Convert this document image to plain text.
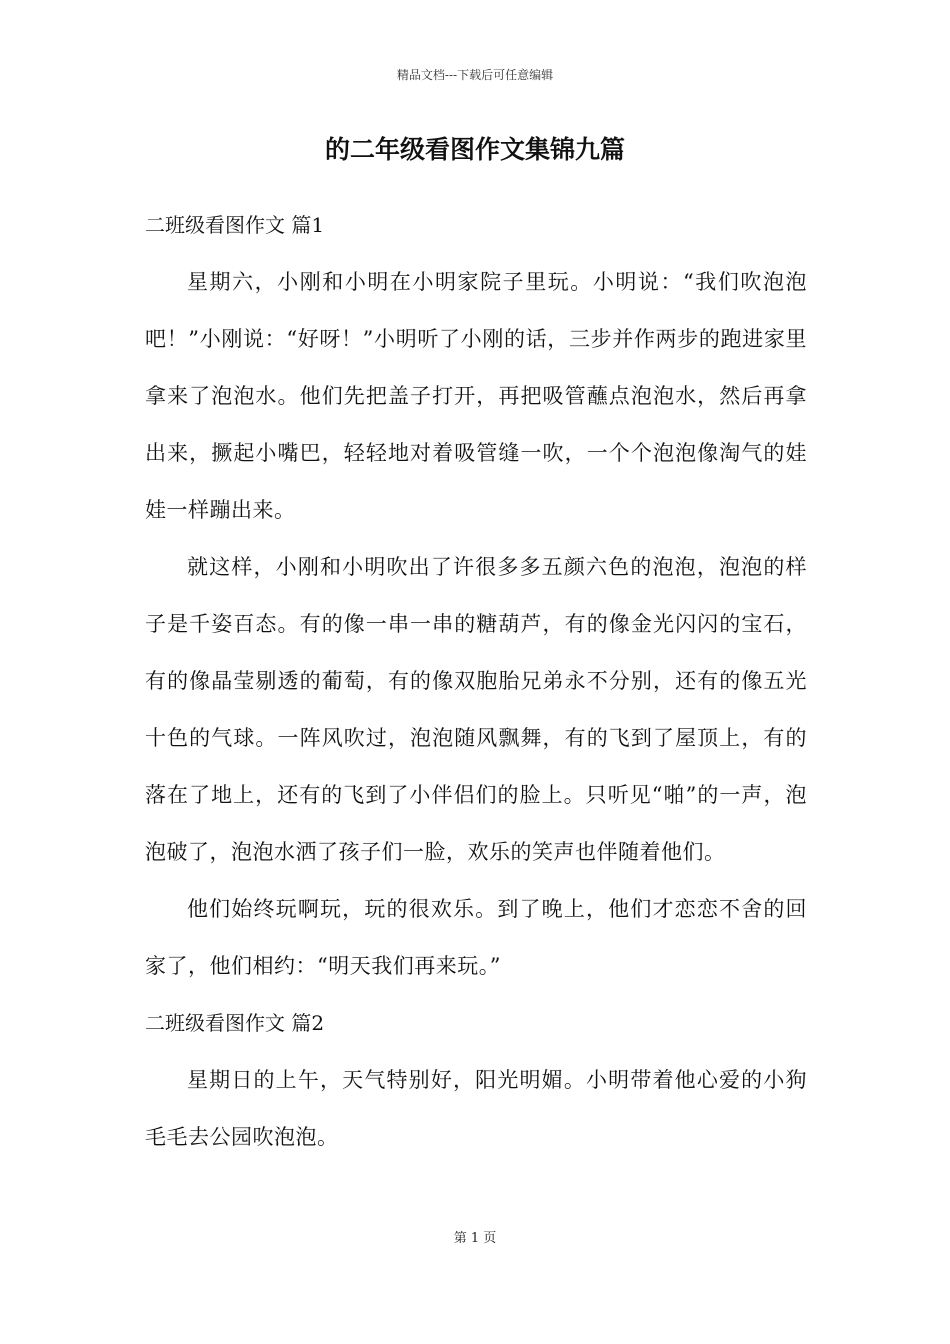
精品文档---下载后可任意编辑
的二年级看图作文集锦九篇
二班级看图作文 篇1

星期六，小刚和小明在小明家院子里玩。小明说：“我们吹泡泡吧！”小刚说：“好呀！”小明听了小刚的话，三步并作两步的跑进家里拿来了泡泡水。他们先把盖子打开，再把吸管蘸点泡泡水，然后再拿出来，撅起小嘴巴，轻轻地对着吸管缝一吹，一个个泡泡像淘气的娃娃一样蹦出来。

就这样，小刚和小明吹出了许很多多五颜六色的泡泡，泡泡的样子是千姿百态。有的像一串一串的糖葫芦，有的像金光闪闪的宝石，有的像晶莹剔透的葡萄，有的像双胞胎兄弟永不分别，还有的像五光十色的气球。一阵风吹过，泡泡随风飘舞，有的飞到了屋顶上，有的落在了地上，还有的飞到了小伴侣们的脸上。只听见“啪”的一声，泡泡破了，泡泡水洒了孩子们一脸，欢乐的笑声也伴随着他们。

他们始终玩啊玩，玩的很欢乐。到了晚上，他们才恋恋不舍的回家了，他们相约：“明天我们再来玩。”

二班级看图作文 篇2

星期日的上午，天气特别好，阳光明媚。小明带着他心爱的小狗毛毛去公园吹泡泡。

第 1 页
